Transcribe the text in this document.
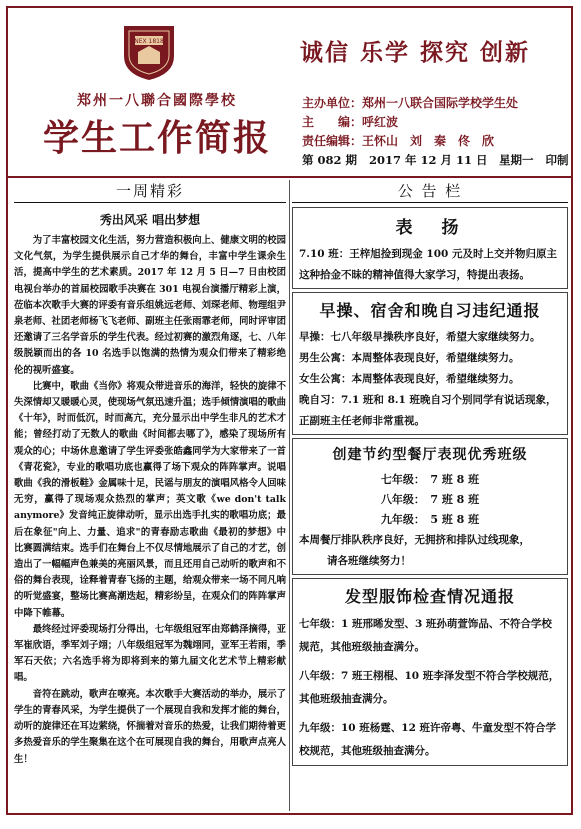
NEX 1818
郑州一八聯合國際學校
学生工作简报
诚信 乐学 探究 创新
主办单位：郑州一八联合国际学校学生处
主　　编：呼红波
责任编辑：王怀山　刘　秦　佟　欣
第 082 期 2017 年 12 月 11 日　星期一 印制
一周精彩
秀出风采 唱出梦想

为了丰富校园文化生活，努力营造积极向上、健康文明的校园文化气氛，为学生提供展示自己才华的舞台，丰富中学生课余生活，提高中学生的艺术素质。2017 年 12 月 5 日—7 日由校团电视台举办的首届校园歌手决赛在 301 电视台演播厅精彩上演，莅临本次歌手大赛的评委有音乐组姚远老师、刘琛老师、物理组尹泉老师、社团老师杨飞飞老师、副班主任张雨霏老师，同时评审团还邀请了三名学音乐的学生代表。经过初赛的激烈角逐，七、八年级脱颖而出的各 10 名选手以饱满的热情为观众们带来了精彩绝伦的视听盛宴。

比赛中，歌曲《当你》将观众带进音乐的海洋，轻快的旋律不失深情却又暖暖心灵，使现场气氛迅速升温；选手倾情演唱的歌曲《十年》，时而低沉，时而高亢，充分显示出中学生非凡的艺术才能；曾经打动了无数人的歌曲《时间都去哪了》，感染了现场所有观众的心；中场休息邀请了学生评委张皓鑫同学为大家带来了一首《青花瓷》，专业的歌唱功底也赢得了场下观众的阵阵掌声。说唱歌曲《我的滑板鞋》金属味十足，民谣与朋友的演唱风格令人回味无穷，赢得了现场观众热烈的掌声；英文歌《we don't talk anymore》发音纯正旋律动听，显示出选手扎实的歌唱功底；最后在象征"向上、力量、追求"的青春励志歌曲《最初的梦想》中比赛圆满结束。选手们在舞台上不仅尽情地展示了自己的才艺，创造出了一幅幅声色兼美的亮丽风景，而且还用自己动听的歌声和不俗的舞台表现，诠释着青春飞扬的主题，给观众带来一场不同凡响的听觉盛宴，整场比赛高潮迭起，精彩纷呈，在观众们的阵阵掌声中降下帷幕。

最终经过评委现场打分得出，七年级组冠军由郑鹤泽摘得，亚军崔欣语，季军刘子翊；八年级组冠军为魏翊同，亚军王若雨，季军石天依；六名选手将为即将到来的第九届文化艺术节上精彩献唱。

音符在跳动，歌声在嘹亮。本次歌手大赛活动的举办，展示了学生的青春风采，为学生提供了一个展现自我和发挥才能的舞台，动听的旋律还在耳边萦绕，怀揣着对音乐的热爱，让我们期待着更多热爱音乐的学生聚集在这个在可展现自我的舞台，用歌声点亮人生！

公 告 栏
表　扬
7.10 班：王梓旭捡到现金 100 元及时上交并物归原主这种拾金不昧的精神值得大家学习，特提出表扬。
早操、宿舍和晚自习违纪通报

早操：七八年级早操秩序良好，希望大家继续努力。

男生公寓：本周整体表现良好，希望继续努力。

女生公寓：本周整体表现良好，希望继续努力。

晚自习：7.1 班和 8.1 班晚自习个别同学有说话现象，正副班主任老师非常重视。

创建节约型餐厅表现优秀班级
七年级：　7 班 8 班
八年级：　7 班 8 班
九年级：　5 班 8 班

本周餐厅排队秩序良好，无拥挤和排队过线现象，

请各班继续努力！

发型服饰检查情况通报

七年级：1 班邢晞发型、3 班孙萌萱饰品、不符合学校规范，其他班级抽查满分。

八年级：7 班王栩棍、10 班李泽发型不符合学校规范，其他班级抽查满分。

九年级：10 班杨霆、12 班许帝粤、牛童发型不符合学校规范，其他班级抽查满分。
